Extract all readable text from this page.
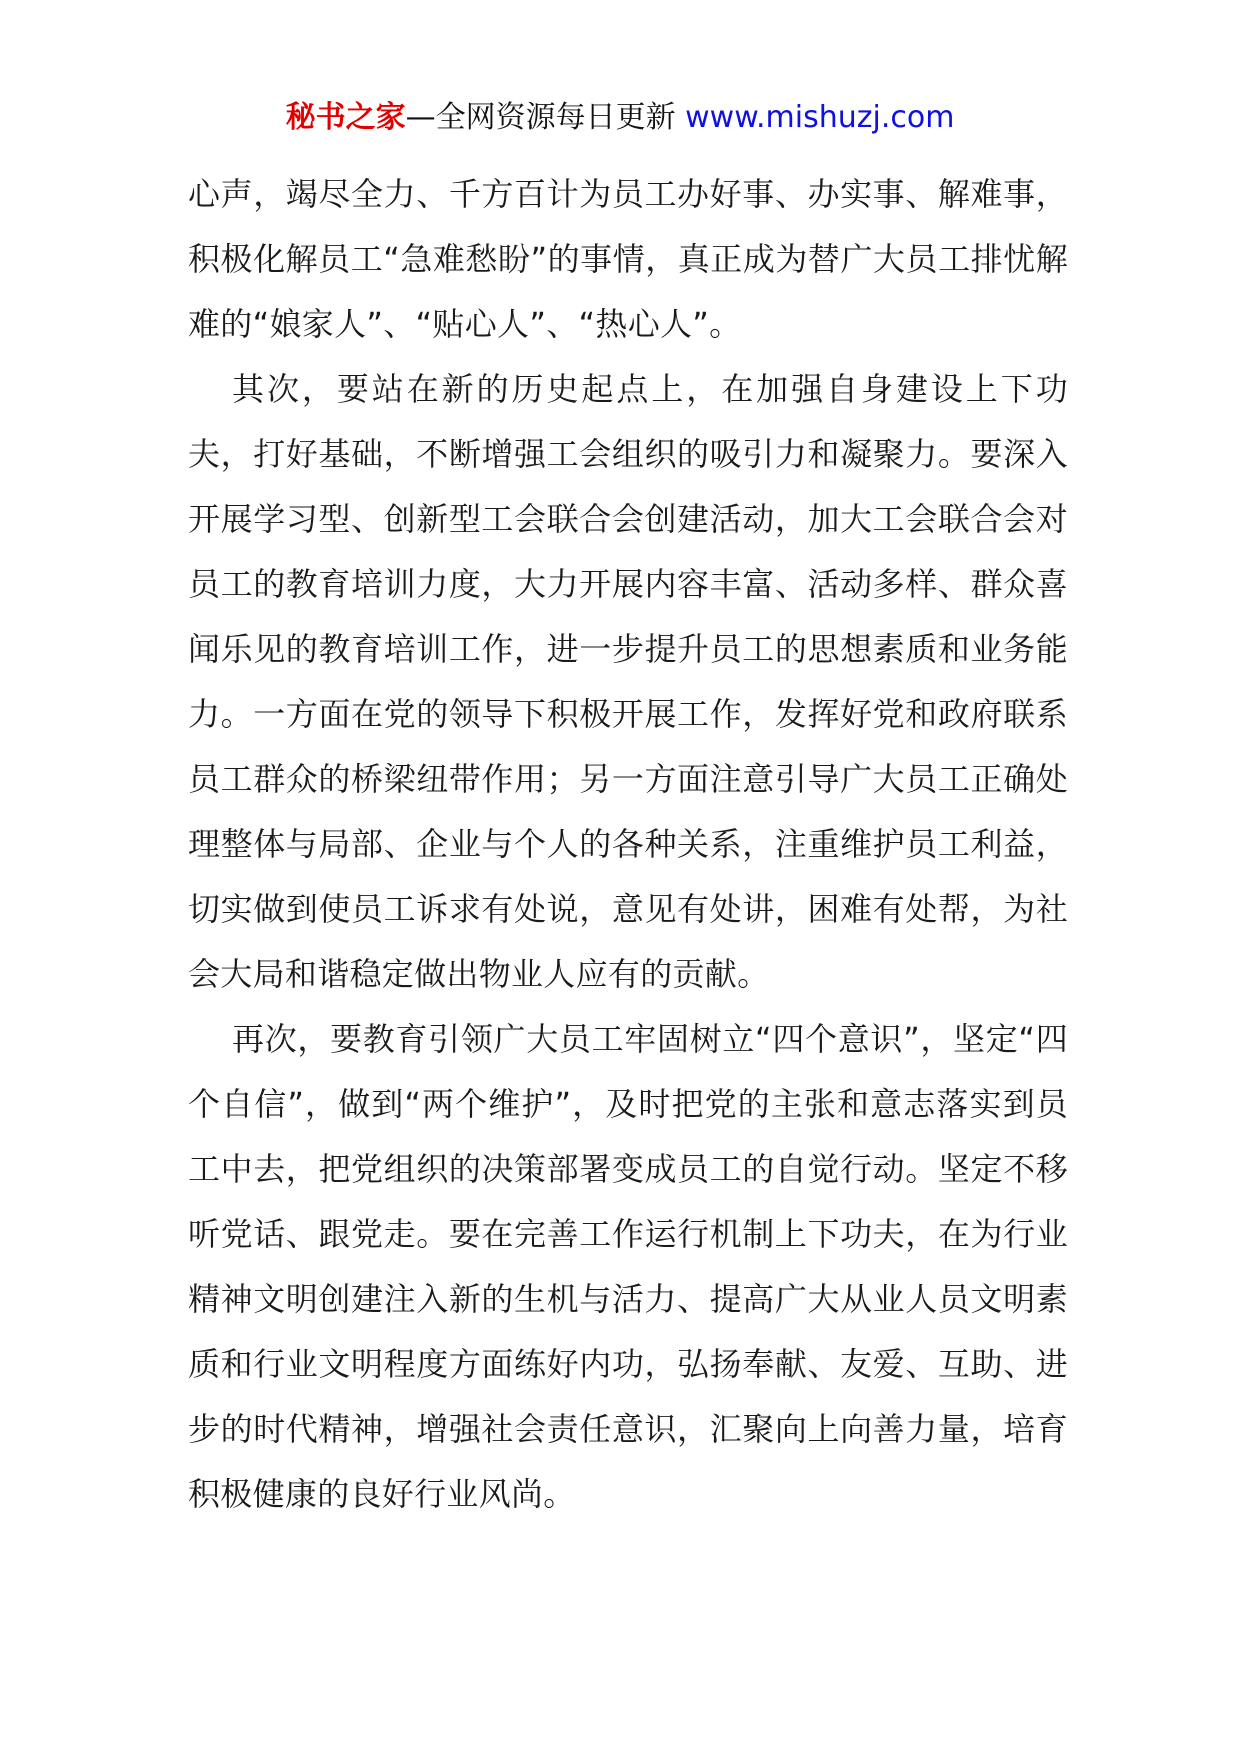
秘书之家—全网资源每日更新 www.mishuzj.com

心声，竭尽全力、千方百计为员工办好事、办实事、解难事，积极化解员工“急难愁盼”的事情，真正成为替广大员工排忧解难的“娘家人”、“贴心人”、“热心人”。

其次，要站在新的历史起点上，在加强自身建设上下功夫，打好基础，不断增强工会组织的吸引力和凝聚力。要深入开展学习型、创新型工会联合会创建活动，加大工会联合会对员工的教育培训力度，大力开展内容丰富、活动多样、群众喜闻乐见的教育培训工作，进一步提升员工的思想素质和业务能力。一方面在党的领导下积极开展工作，发挥好党和政府联系员工群众的桥梁纽带作用；另一方面注意引导广大员工正确处理整体与局部、企业与个人的各种关系，注重维护员工利益，切实做到使员工诉求有处说，意见有处讲，困难有处帮，为社会大局和谐稳定做出物业人应有的贡献。

再次，要教育引领广大员工牢固树立“四个意识”，坚定“四个自信”，做到“两个维护”，及时把党的主张和意志落实到员工中去，把党组织的决策部署变成员工的自觉行动。坚定不移听党话、跟党走。要在完善工作运行机制上下功夫，在为行业精神文明创建注入新的生机与活力、提高广大从业人员文明素质和行业文明程度方面练好内功，弘扬奉献、友爱、互助、进步的时代精神，增强社会责任意识，汇聚向上向善力量，培育积极健康的良好行业风尚。
